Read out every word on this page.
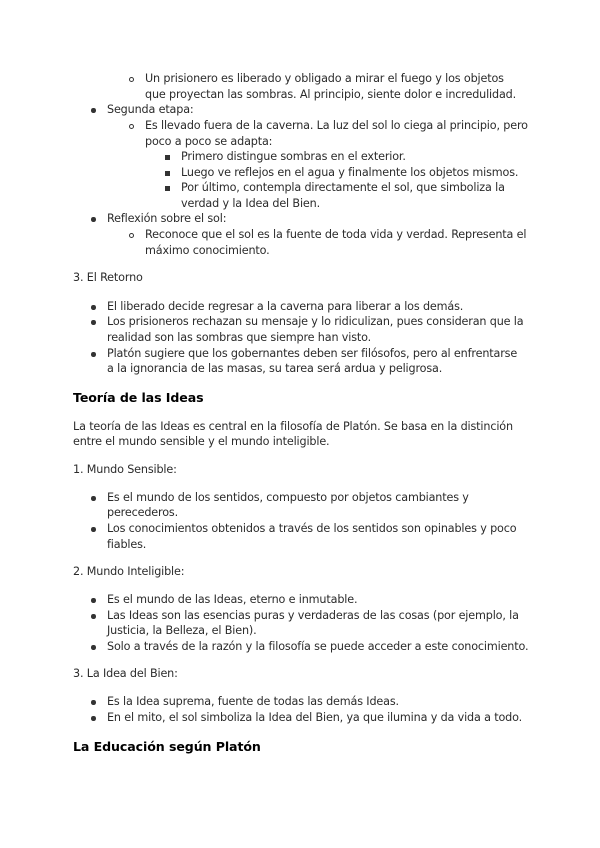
Un prisionero es liberado y obligado a mirar el fuego y los objetos
que proyectan las sombras. Al principio, siente dolor e incredulidad.
Segunda etapa:
Es llevado fuera de la caverna. La luz del sol lo ciega al principio, pero
poco a poco se adapta:
Primero distingue sombras en el exterior.
Luego ve reflejos en el agua y finalmente los objetos mismos.
Por último, contempla directamente el sol, que simboliza la
verdad y la Idea del Bien.
Reflexión sobre el sol:
Reconoce que el sol es la fuente de toda vida y verdad. Representa el
máximo conocimiento.
3. El Retorno
El liberado decide regresar a la caverna para liberar a los demás.
Los prisioneros rechazan su mensaje y lo ridiculizan, pues consideran que la
realidad son las sombras que siempre han visto.
Platón sugiere que los gobernantes deben ser filósofos, pero al enfrentarse
a la ignorancia de las masas, su tarea será ardua y peligrosa.
Teoría de las Ideas
La teoría de las Ideas es central en la filosofía de Platón. Se basa en la distinción
entre el mundo sensible y el mundo inteligible.
1. Mundo Sensible:
Es el mundo de los sentidos, compuesto por objetos cambiantes y
perecederos.
Los conocimientos obtenidos a través de los sentidos son opinables y poco
fiables.
2. Mundo Inteligible:
Es el mundo de las Ideas, eterno e inmutable.
Las Ideas son las esencias puras y verdaderas de las cosas (por ejemplo, la
Justicia, la Belleza, el Bien).
Solo a través de la razón y la filosofía se puede acceder a este conocimiento.
3. La Idea del Bien:
Es la Idea suprema, fuente de todas las demás Ideas.
En el mito, el sol simboliza la Idea del Bien, ya que ilumina y da vida a todo.
La Educación según Platón
